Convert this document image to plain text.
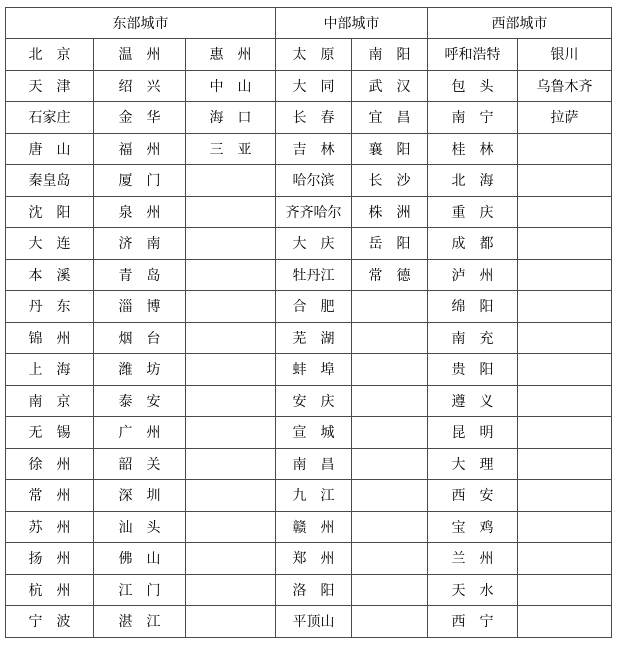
东部城市			中部城市		西部城市	
北　京	温　州	惠　州	太　原	南　阳	呼和浩特	银川
天　津	绍　兴	中　山	大　同	武　汉	包　头	乌鲁木齐
石家庄	金　华	海　口	长　春	宜　昌	南　宁	拉萨
唐　山	福　州	三　亚	吉　林	襄　阳	桂　林	
秦皇岛	厦　门		哈尔滨	长　沙	北　海	
沈　阳	泉　州		齐齐哈尔	株　洲	重　庆	
大　连	济　南		大　庆	岳　阳	成　都	
本　溪	青　岛		牡丹江	常　德	泸　州	
丹　东	淄　博		合　肥		绵　阳	
锦　州	烟　台		芜　湖		南　充	
上　海	潍　坊		蚌　埠		贵　阳	
南　京	泰　安		安　庆		遵　义	
无　锡	广　州		宣　城		昆　明	
徐　州	韶　关		南　昌		大　理	
常　州	深　圳		九　江		西　安	
苏　州	汕　头		赣　州		宝　鸡	
扬　州	佛　山		郑　州		兰　州	
杭　州	江　门		洛　阳		天　水	
宁　波	湛　江		平顶山		西　宁	
